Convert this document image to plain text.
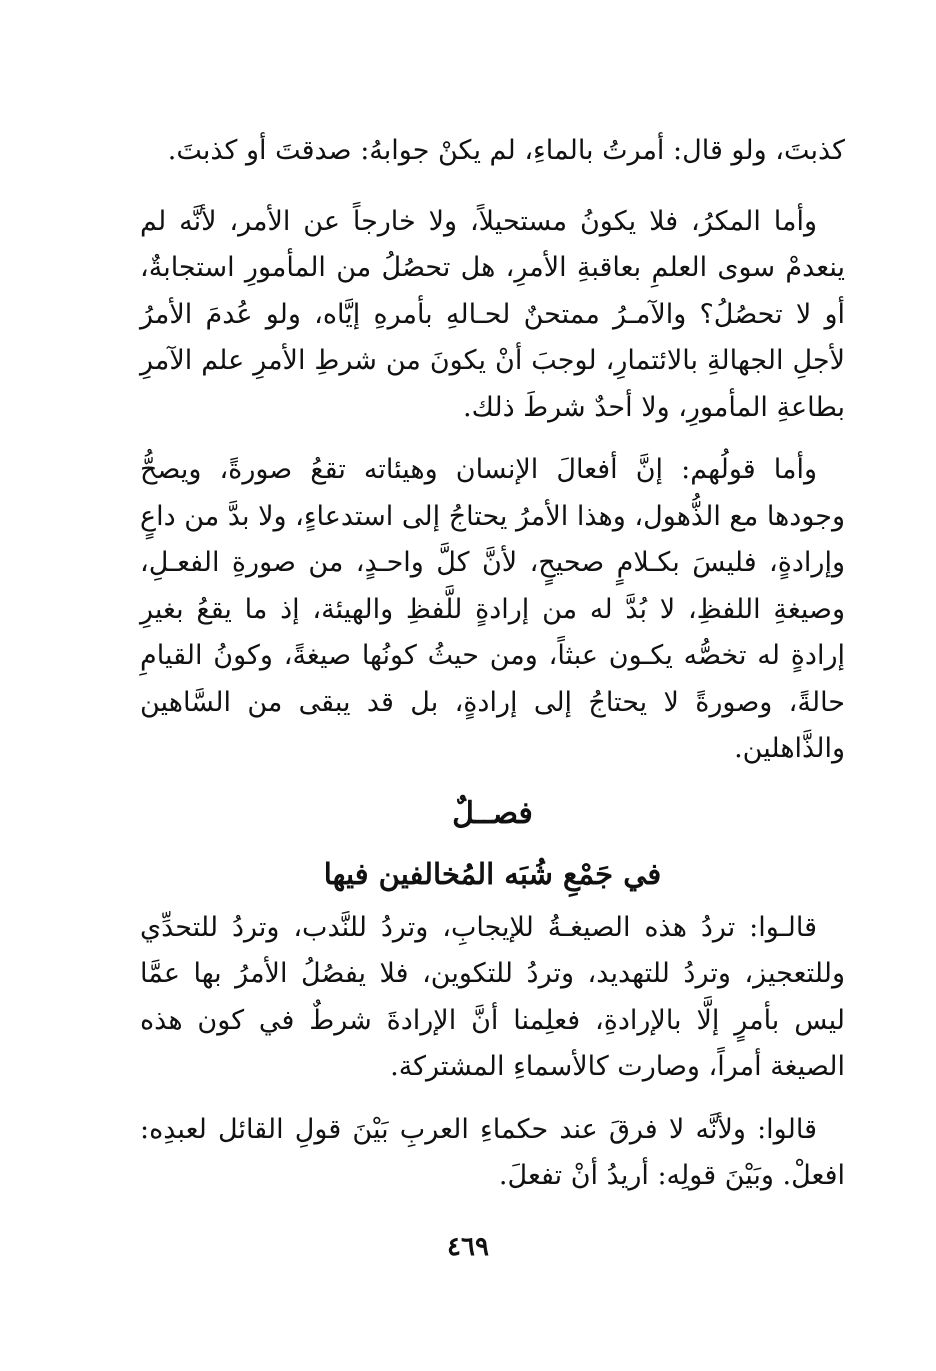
كذبتَ، ولو قال: أمرتُ بالماءِ، لم يكنْ جوابهُ: صدقتَ أو كذبتَ.

وأما المكرُ، فلا يكونُ مستحيلاً، ولا خارجاً عن الأمر، لأنَّه لم ينعدمْ سوى العلمِ بعاقبةِ الأمرِ، هل تحصُلُ من المأمورِ استجابةٌ، أو لا تحصُلُ؟ والآمـرُ ممتحنٌ لحـالهِ بأمرهِ إيَّاه، ولو عُدمَ الأمرُ لأجلِ الجهالةِ بالائتمارِ، لوجبَ أنْ يكونَ من شرطِ الأمرِ علم الآمرِ بطاعةِ المأمورِ، ولا أحدٌ شرطَ ذلك.

وأما قولُهم: إنَّ أفعالَ الإنسان وهيئاته تقعُ صورةً، ويصحُّ وجودها مع الذُّهول، وهذا الأمرُ يحتاجُ إلى استدعاءٍ، ولا بدَّ من داعٍ وإرادةٍ، فليسَ بكـلامٍ صحيحٍ، لأنَّ كلَّ واحـدٍ، من صورةِ الفعـلِ، وصيغةِ اللفظِ، لا بُدَّ له من إرادةٍ للَّفظِ والهيئة، إذ ما يقعُ بغيرِ إرادةٍ له تخصُّه يكـون عبثاً، ومن حيثُ كونُها صيغةً، وكونُ القيامِ حالةً، وصورةً لا يحتاجُ إلى إرادةٍ، بل قد يبقى من السَّاهين والذَّاهلين.

فصــلٌ
في جَمْعِ شُبَه المُخالفين فيها

قالـوا: تردُ هذه الصيغـةُ للإيجابِ، وتردُ للنَّدب، وتردُ للتحدِّي وللتعجيز، وتردُ للتهديد، وتردُ للتكوين، فلا يفصُلُ الأمرُ بها عمَّا ليس بأمرٍ إلَّا بالإرادةِ، فعلِمنا أنَّ الإرادةَ شرطٌ في كون هذه الصيغة أمراً، وصارت كالأسماءِ المشتركة.

قالوا: ولأنَّه لا فرقَ عند حكماءِ العربِ بَيْنَ قولِ القائل لعبدِه: افعلْ. وبَيْنَ قولِه: أريدُ أنْ تفعلَ.

٤٦٩
